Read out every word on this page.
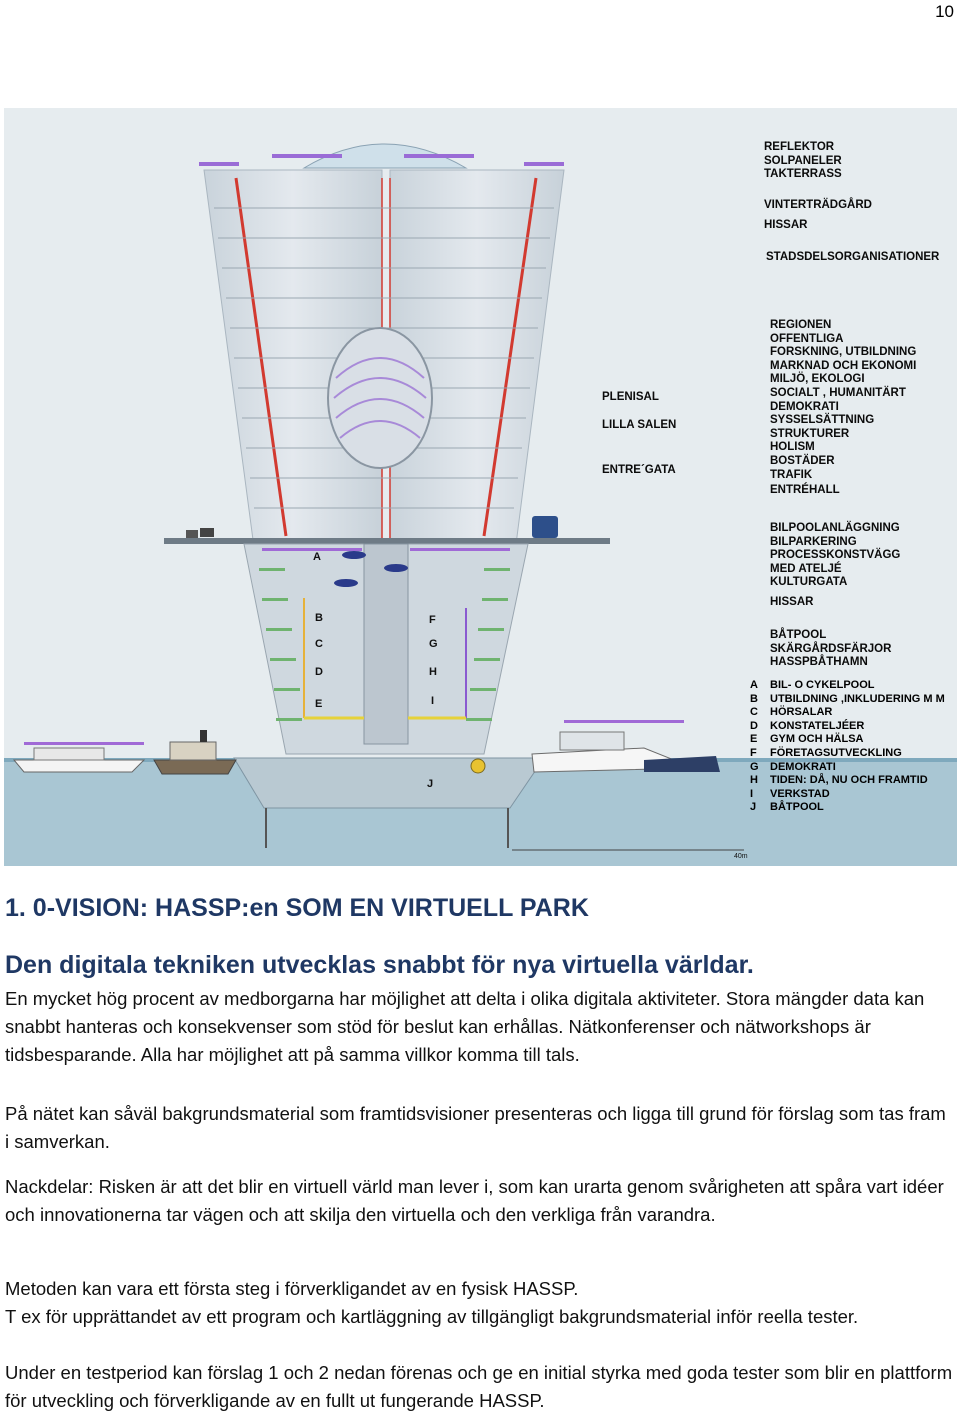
10
REFLEKTOR
SOLPANELER
TAKTERRASS
VINTERTRÄDGÅRD
HISSAR
STADSDELSORGANISATIONER
REGIONEN
OFFENTLIGA
FORSKNING, UTBILDNING
MARKNAD OCH EKONOMI
MILJÖ, EKOLOGI
SOCIALT , HUMANITÄRT
DEMOKRATI
SYSSELSÄTTNING
STRUKTURER
HOLISM
BOSTÄDER
TRAFIK
ENTRÉHALL
PLENISAL
LILLA SALEN
ENTRE´GATA
BILPOOLANLÄGGNING
BILPARKERING
PROCESSKONSTVÄGG
MED ATELJÉ
KULTURGATA
HISSAR
BÅTPOOL
SKÄRGÅRDSFÄRJOR
HASSPBÅTHAMN
A	BIL- O CYKELPOOL
B	UTBILDNING ,INKLUDERING M M
C	HÖRSALAR
D	KONSTATELJÉER
E	GYM OCH HÄLSA
F	FÖRETAGSUTVECKLING
G	DEMOKRATI
H	TIDEN: DÅ, NU OCH FRAMTID
I	VERKSTAD
J	BÅTPOOL
A
B
C
D
E
F
G
H
I
J
40m
1. 0-VISION: HASSP:en SOM EN VIRTUELL PARK
Den digitala tekniken utvecklas snabbt för nya virtuella världar.
En mycket hög procent av medborgarna har möjlighet att delta i olika digitala aktiviteter. Stora mängder data kan snabbt hanteras och konsekvenser som stöd för beslut kan erhållas. Nätkonferenser och nätworkshops är tidsbesparande. Alla har möjlighet att på samma villkor komma till tals.
På nätet kan såväl bakgrundsmaterial som framtidsvisioner presenteras och ligga till grund för förslag som tas fram i samverkan.
Nackdelar: Risken är att det blir en virtuell värld man lever i, som kan urarta genom svårigheten att spåra vart idéer och innovationerna tar vägen och att skilja den virtuella och den verkliga från varandra.
Metoden kan vara ett första steg i förverkligandet av en fysisk HASSP.
T ex för upprättandet av ett program och kartläggning av tillgängligt bakgrundsmaterial inför reella tester.
Under en testperiod kan förslag 1 och 2 nedan förenas och ge en initial styrka med goda tester som blir en plattform för utveckling och förverkligande av en fullt ut fungerande HASSP.
